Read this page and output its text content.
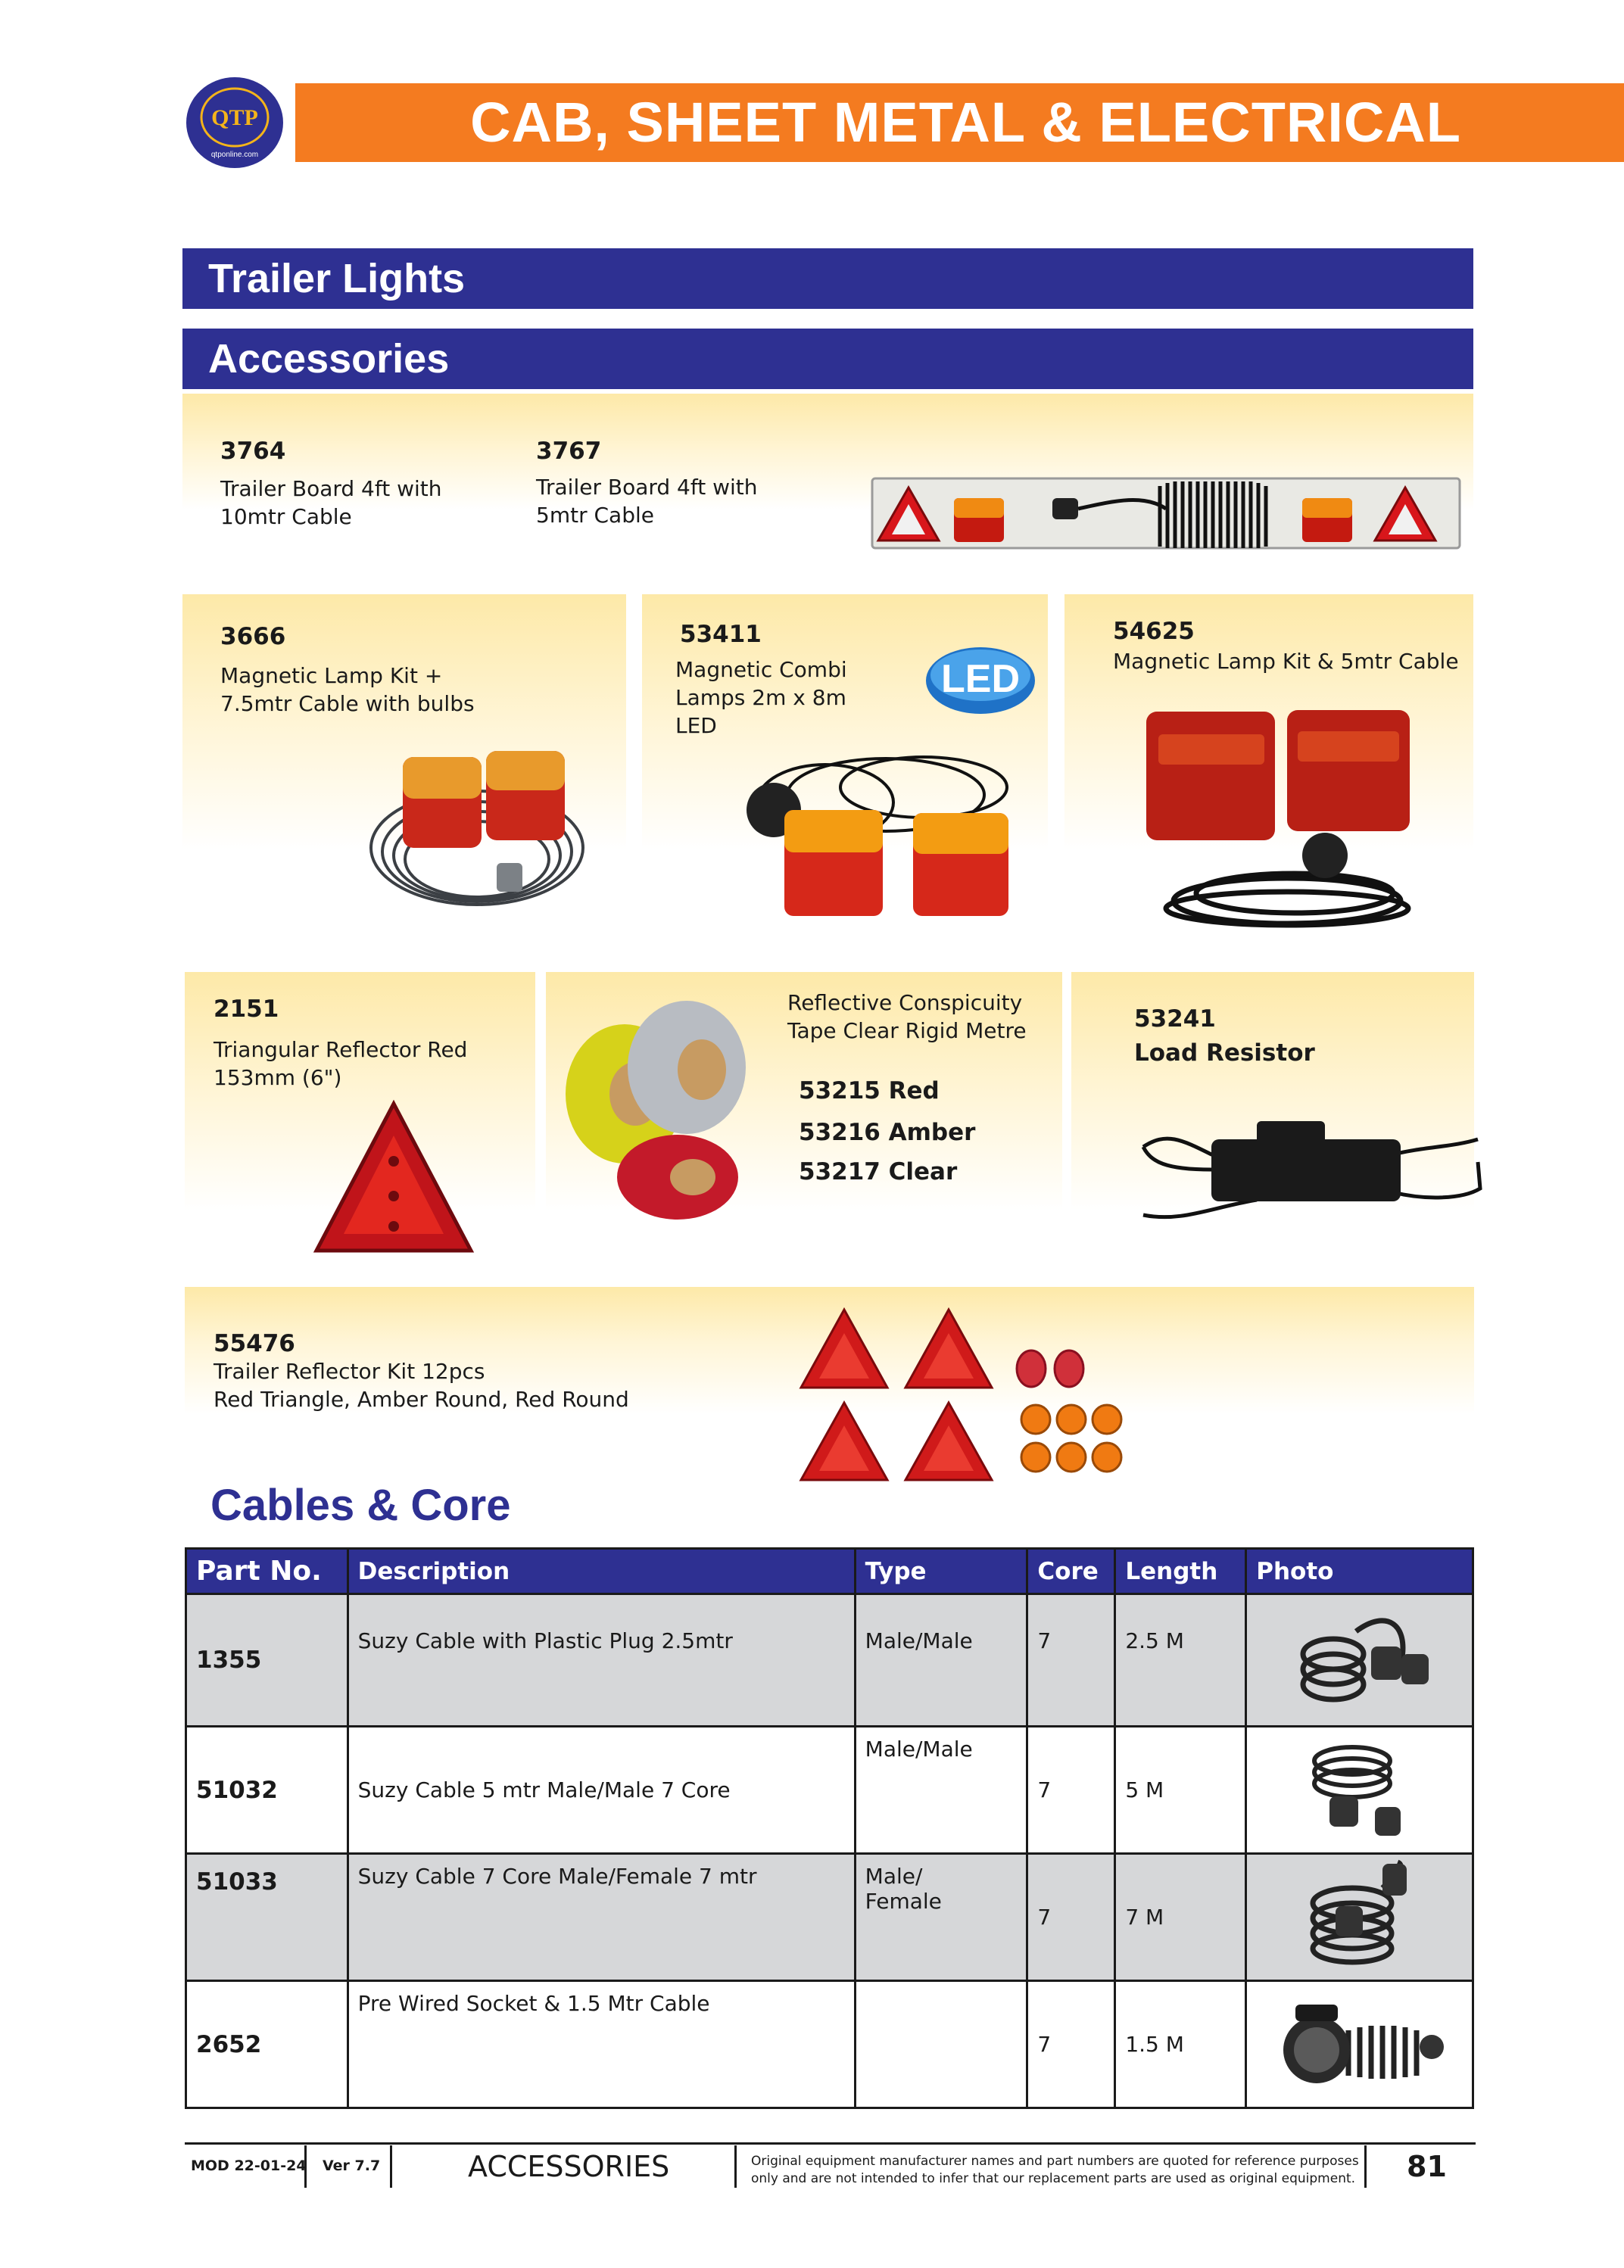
CAB, SHEET METAL & ELECTRICAL
QTP
qtponline.com
Trailer Lights
Accessories
3764
Trailer Board 4ft with
10mtr Cable
3767
Trailer Board 4ft with
5mtr Cable
3666
Magnetic Lamp Kit +
7.5mtr Cable with bulbs
53411
Magnetic Combi
Lamps 2m x 8m
LED
LED
54625
Magnetic Lamp Kit & 5mtr Cable
2151
Triangular Reflector Red
153mm (6")
Reflective Conspicuity
Tape Clear Rigid Metre
53215 Red
53216 Amber
53217 Clear
53241
Load Resistor
55476
Trailer Reflector Kit 12pcs
Red Triangle, Amber Round, Red Round
Cables & Core
Part No.	Description	Type	Core	Length	Photo
1355	Suzy Cable with Plastic Plug 2.5mtr	Male/Male	7	2.5 M	
51032	Suzy Cable 5 mtr Male/Male 7 Core	Male/Male	7	5 M	
51033	Suzy Cable 7 Core Male/Female 7 mtr	Male/
Female	7	7 M	
2652	Pre Wired Socket & 1.5 Mtr Cable		7	1.5 M	
MOD 22-01-24 Ver 7.7	ACCESSORIES	Original equipment manufacturer names and part numbers are quoted for reference purposes
only and are not intended to infer that our replacement parts are used as original equipment. 81
